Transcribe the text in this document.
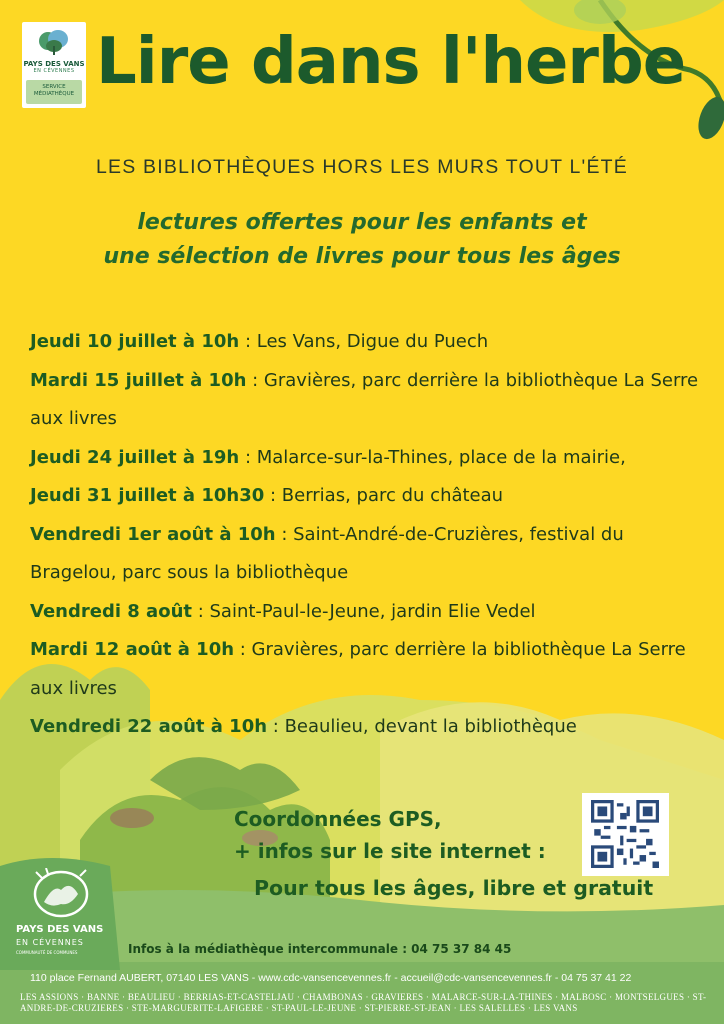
PAYS DES VANS
EN CÉVENNES
SERVICE
MÉDIATHÈQUE Lire dans l'herbe
LES BIBLIOTHÈQUES HORS LES MURS TOUT L'ÉTÉ
lectures offertes pour les enfants et
une sélection de livres pour tous les âges

Jeudi 10 juillet à 10h : Les Vans, Digue du Puech

Mardi 15 juillet à 10h : Gravières, parc derrière la bibliothèque La Serre aux livres

Jeudi 24 juillet à 19h : Malarce-sur-la-Thines, place de la mairie,

Jeudi 31 juillet à 10h30 : Berrias, parc du château

Vendredi 1er août à 10h : Saint-André-de-Cruzières, festival du Bragelou, parc sous la bibliothèque

Vendredi 8 août : Saint-Paul-le-Jeune, jardin Elie Vedel

Mardi 12 août à 10h : Gravières, parc derrière la bibliothèque La Serre aux livres

Vendredi 22 août à 10h : Beaulieu, devant la bibliothèque

Coordonnées GPS,
+ infos sur le site internet :
Pour tous les âges, libre et gratuit
PAYS DES VANS
EN CÉVENNES
COMMUNAUTÉ DE COMMUNES	Infos à la médiathèque intercommunale : 04 75 37 84 45
110 place Fernand AUBERT, 07140 LES VANS - www.cdc-vansencevennes.fr - accueil@cdc-vansencevennes.fr - 04 75 37 41 22
LES ASSIONS · BANNE · BEAULIEU · BERRIAS-ET-CASTELJAU · CHAMBONAS · GRAVIERES · MALARCE-SUR-LA-THINES · MALBOSC · MONTSELGUES · ST-ANDRE-DE-CRUZIERES · STE-MARGUERITE-LAFIGERE · ST-PAUL-LE-JEUNE · ST-PIERRE-ST-JEAN · LES SALELLES · LES VANS
